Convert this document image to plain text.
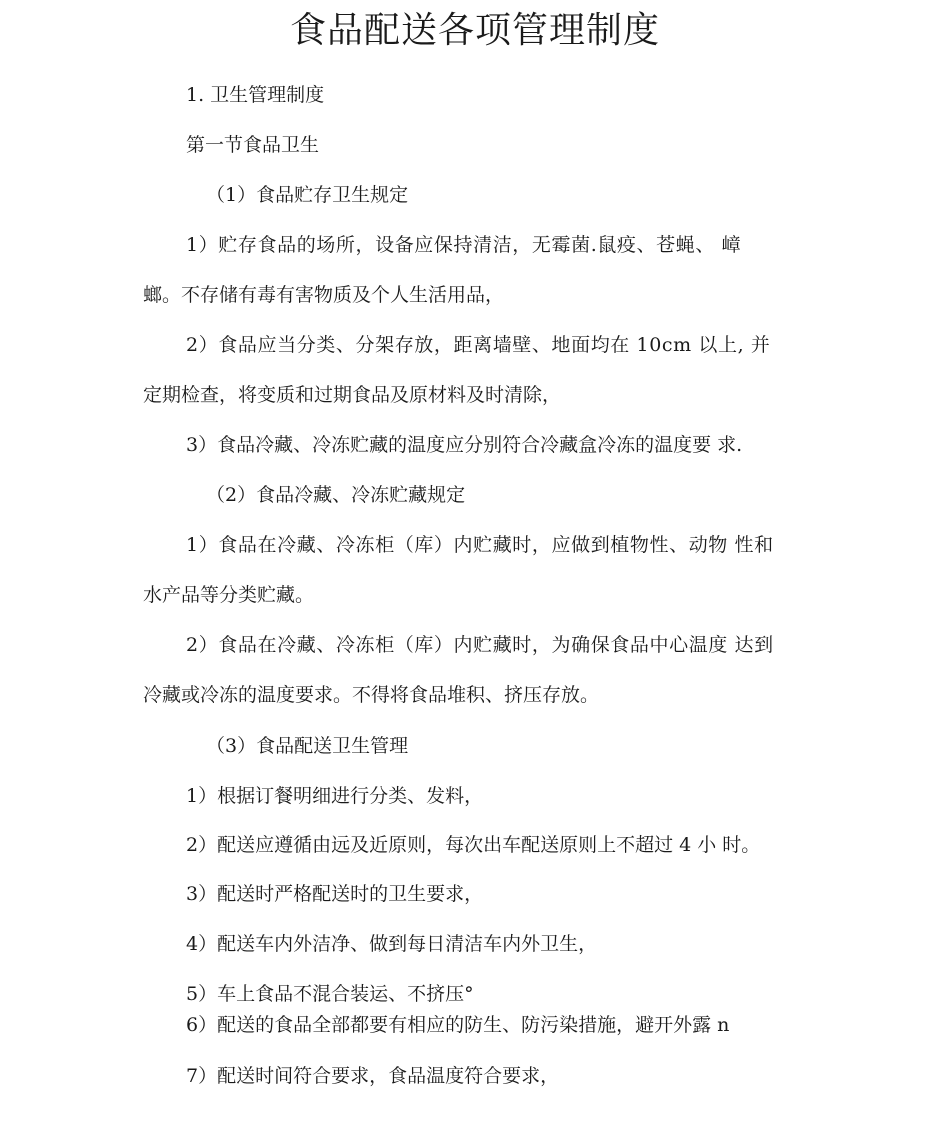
食品配送各项管理制度
1. 卫生管理制度
第一节食品卫生
（1）食品贮存卫生规定
1）贮存食品的场所，设备应保持清洁，无霉菌.鼠疫、苍蝇、 嶂
螂。不存储有毒有害物质及个人生活用品，
2）食品应当分类、分架存放，距离墙壁、地面均在 10cm 以上, 并
定期检查，将变质和过期食品及原材料及时清除，
3）食品冷藏、冷冻贮藏的温度应分别符合冷藏盒冷冻的温度要 求.
（2）食品冷藏、冷冻贮藏规定
1）食品在冷藏、冷冻柜（库）内贮藏时，应做到植物性、动物 性和
水产品等分类贮藏。
2）食品在冷藏、冷冻柜（库）内贮藏时，为确保食品中心温度 达到
冷藏或冷冻的温度要求。不得将食品堆积、挤压存放。
（3）食品配送卫生管理
1）根据订餐明细进行分类、发料，
2）配送应遵循由远及近原则，每次出车配送原则上不超过 4 小 时。
3）配送时严格配送时的卫生要求，
4）配送车内外洁净、做到每日清洁车内外卫生，
5）车上食品不混合装运、不挤压°
6）配送的食品全部都要有相应的防生、防污染措施，避开外露 n
7）配送时间符合要求，食品温度符合要求，
